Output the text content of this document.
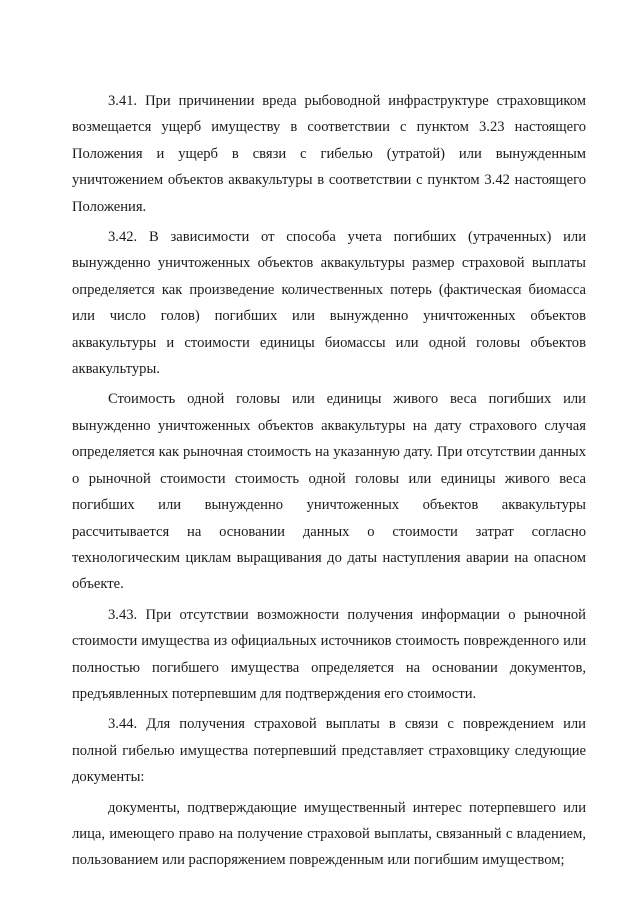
3.41. При причинении вреда рыбоводной инфраструктуре страховщиком возмещается ущерб имуществу в соответствии с пунктом 3.23 настоящего Положения и ущерб в связи с гибелью (утратой) или вынужденным уничтожением объектов аквакультуры в соответствии с пунктом 3.42 настоящего Положения.

3.42. В зависимости от способа учета погибших (утраченных) или вынужденно уничтоженных объектов аквакультуры размер страховой выплаты определяется как произведение количественных потерь (фактическая биомасса или число голов) погибших или вынужденно уничтоженных объектов аквакультуры и стоимости единицы биомассы или одной головы объектов аквакультуры.

Стоимость одной головы или единицы живого веса погибших или вынужденно уничтоженных объектов аквакультуры на дату страхового случая определяется как рыночная стоимость на указанную дату. При отсутствии данных о рыночной стоимости стоимость одной головы или единицы живого веса погибших или вынужденно уничтоженных объектов аквакультуры рассчитывается на основании данных о стоимости затрат согласно технологическим циклам выращивания до даты наступления аварии на опасном объекте.

3.43. При отсутствии возможности получения информации о рыночной стоимости имущества из официальных источников стоимость поврежденного или полностью погибшего имущества определяется на основании документов, предъявленных потерпевшим для подтверждения его стоимости.

3.44. Для получения страховой выплаты в связи с повреждением или полной гибелью имущества потерпевший представляет страховщику следующие документы:

документы, подтверждающие имущественный интерес потерпевшего или лица, имеющего право на получение страховой выплаты, связанный с владением, пользованием или распоряжением поврежденным или погибшим имуществом;
